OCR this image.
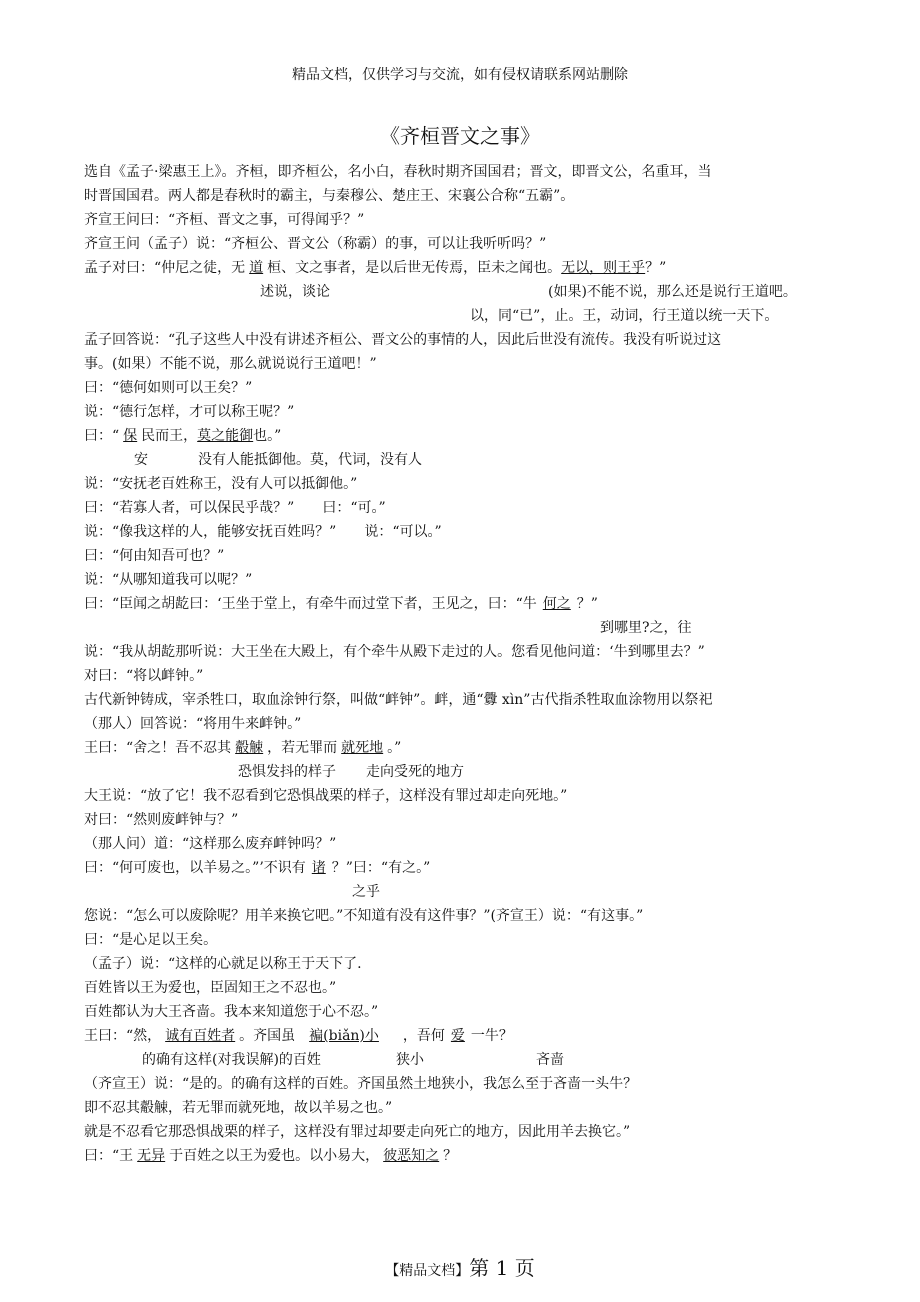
精品文档，仅供学习与交流，如有侵权请联系网站删除
《齐桓晋文之事》
选自《孟子·梁惠王上》。齐桓，即齐桓公，名小白，春秋时期齐国国君；晋文，即晋文公，名重耳，当
时晋国国君。两人都是春秋时的霸主，与秦穆公、楚庄王、宋襄公合称“五霸”。
齐宣王问曰：“齐桓、晋文之事，可得闻乎？”
齐宣王问（孟子）说：“齐桓公、晋文公（称霸）的事，可以让我听听吗？”
孟子对曰：“仲尼之徒，无 道 桓、文之事者，是以后世无传焉，臣未之闻也。无以，则王乎？”
述说，谈论	(如果)不能不说，那么还是说行王道吧。
以，同“已”，止。王，动词，行王道以统一天下。
孟子回答说：“孔子这些人中没有讲述齐桓公、晋文公的事情的人，因此后世没有流传。我没有听说过这
事。(如果）不能不说，那么就说说行王道吧！”
曰：“德何如则可以王矣？”
说：“德行怎样，才可以称王呢？”
曰：“ 保 民而王，莫之能御也。”
安	没有人能抵御他。莫，代词，没有人
说：“安抚老百姓称王，没有人可以抵御他。”
曰：“若寡人者，可以保民乎哉？”　　曰：“可。”
说：“像我这样的人，能够安抚百姓吗？”　　说：“可以。”
曰：“何由知吾可也？”
说：“从哪知道我可以呢？”
曰：“臣闻之胡龁曰：‘王坐于堂上，有牵牛而过堂下者，王见之，曰：“牛 何之 ？”
到哪里?之，往
说：“我从胡龁那听说：大王坐在大殿上，有个牵牛从殿下走过的人。您看见他问道：‘牛到哪里去？”
对曰：“将以衅钟。”
古代新钟铸成，宰杀牲口，取血涂钟行祭，叫做“衅钟”。衅，通“釁 xìn”古代指杀牲取血涂物用以祭祀
（那人）回答说：“将用牛来衅钟。”
王曰：“舍之！吾不忍其 觳觫 ，若无罪而 就死地 。”
恐惧发抖的样子 走向受死的地方
大王说：“放了它！我不忍看到它恐惧战栗的样子，这样没有罪过却走向死地。”
对曰：“然则废衅钟与？”
（那人问）道：“这样那么废弃衅钟吗？”
曰：“何可废也，以羊易之。”’不识有 诸 ？”曰：“有之。”
之乎
您说：“怎么可以废除呢？用羊来换它吧。”不知道有没有这件事？”(齐宣王）说：“有这事。”
曰：“是心足以王矣。
（孟子）说：“这样的心就足以称王于天下了.
百姓皆以王为爱也，臣固知王之不忍也。”
百姓都认为大王吝啬。我本来知道您于心不忍。”
王曰：“然， 诚有百姓者 。齐国虽 褊(biǎn)小 ，吾何 爱 一牛？
的确有这样(对我误解)的百姓	狭小	吝啬
（齐宣王）说：“是的。的确有这样的百姓。齐国虽然土地狭小，我怎么至于吝啬一头牛？
即不忍其觳觫，若无罪而就死地，故以羊易之也。”
就是不忍看它那恐惧战栗的样子，这样没有罪过却要走向死亡的地方，因此用羊去换它。”
曰：“王 无异 于百姓之以王为爱也。以小易大， 彼恶知之 ？
【精品文档】第 1 页
